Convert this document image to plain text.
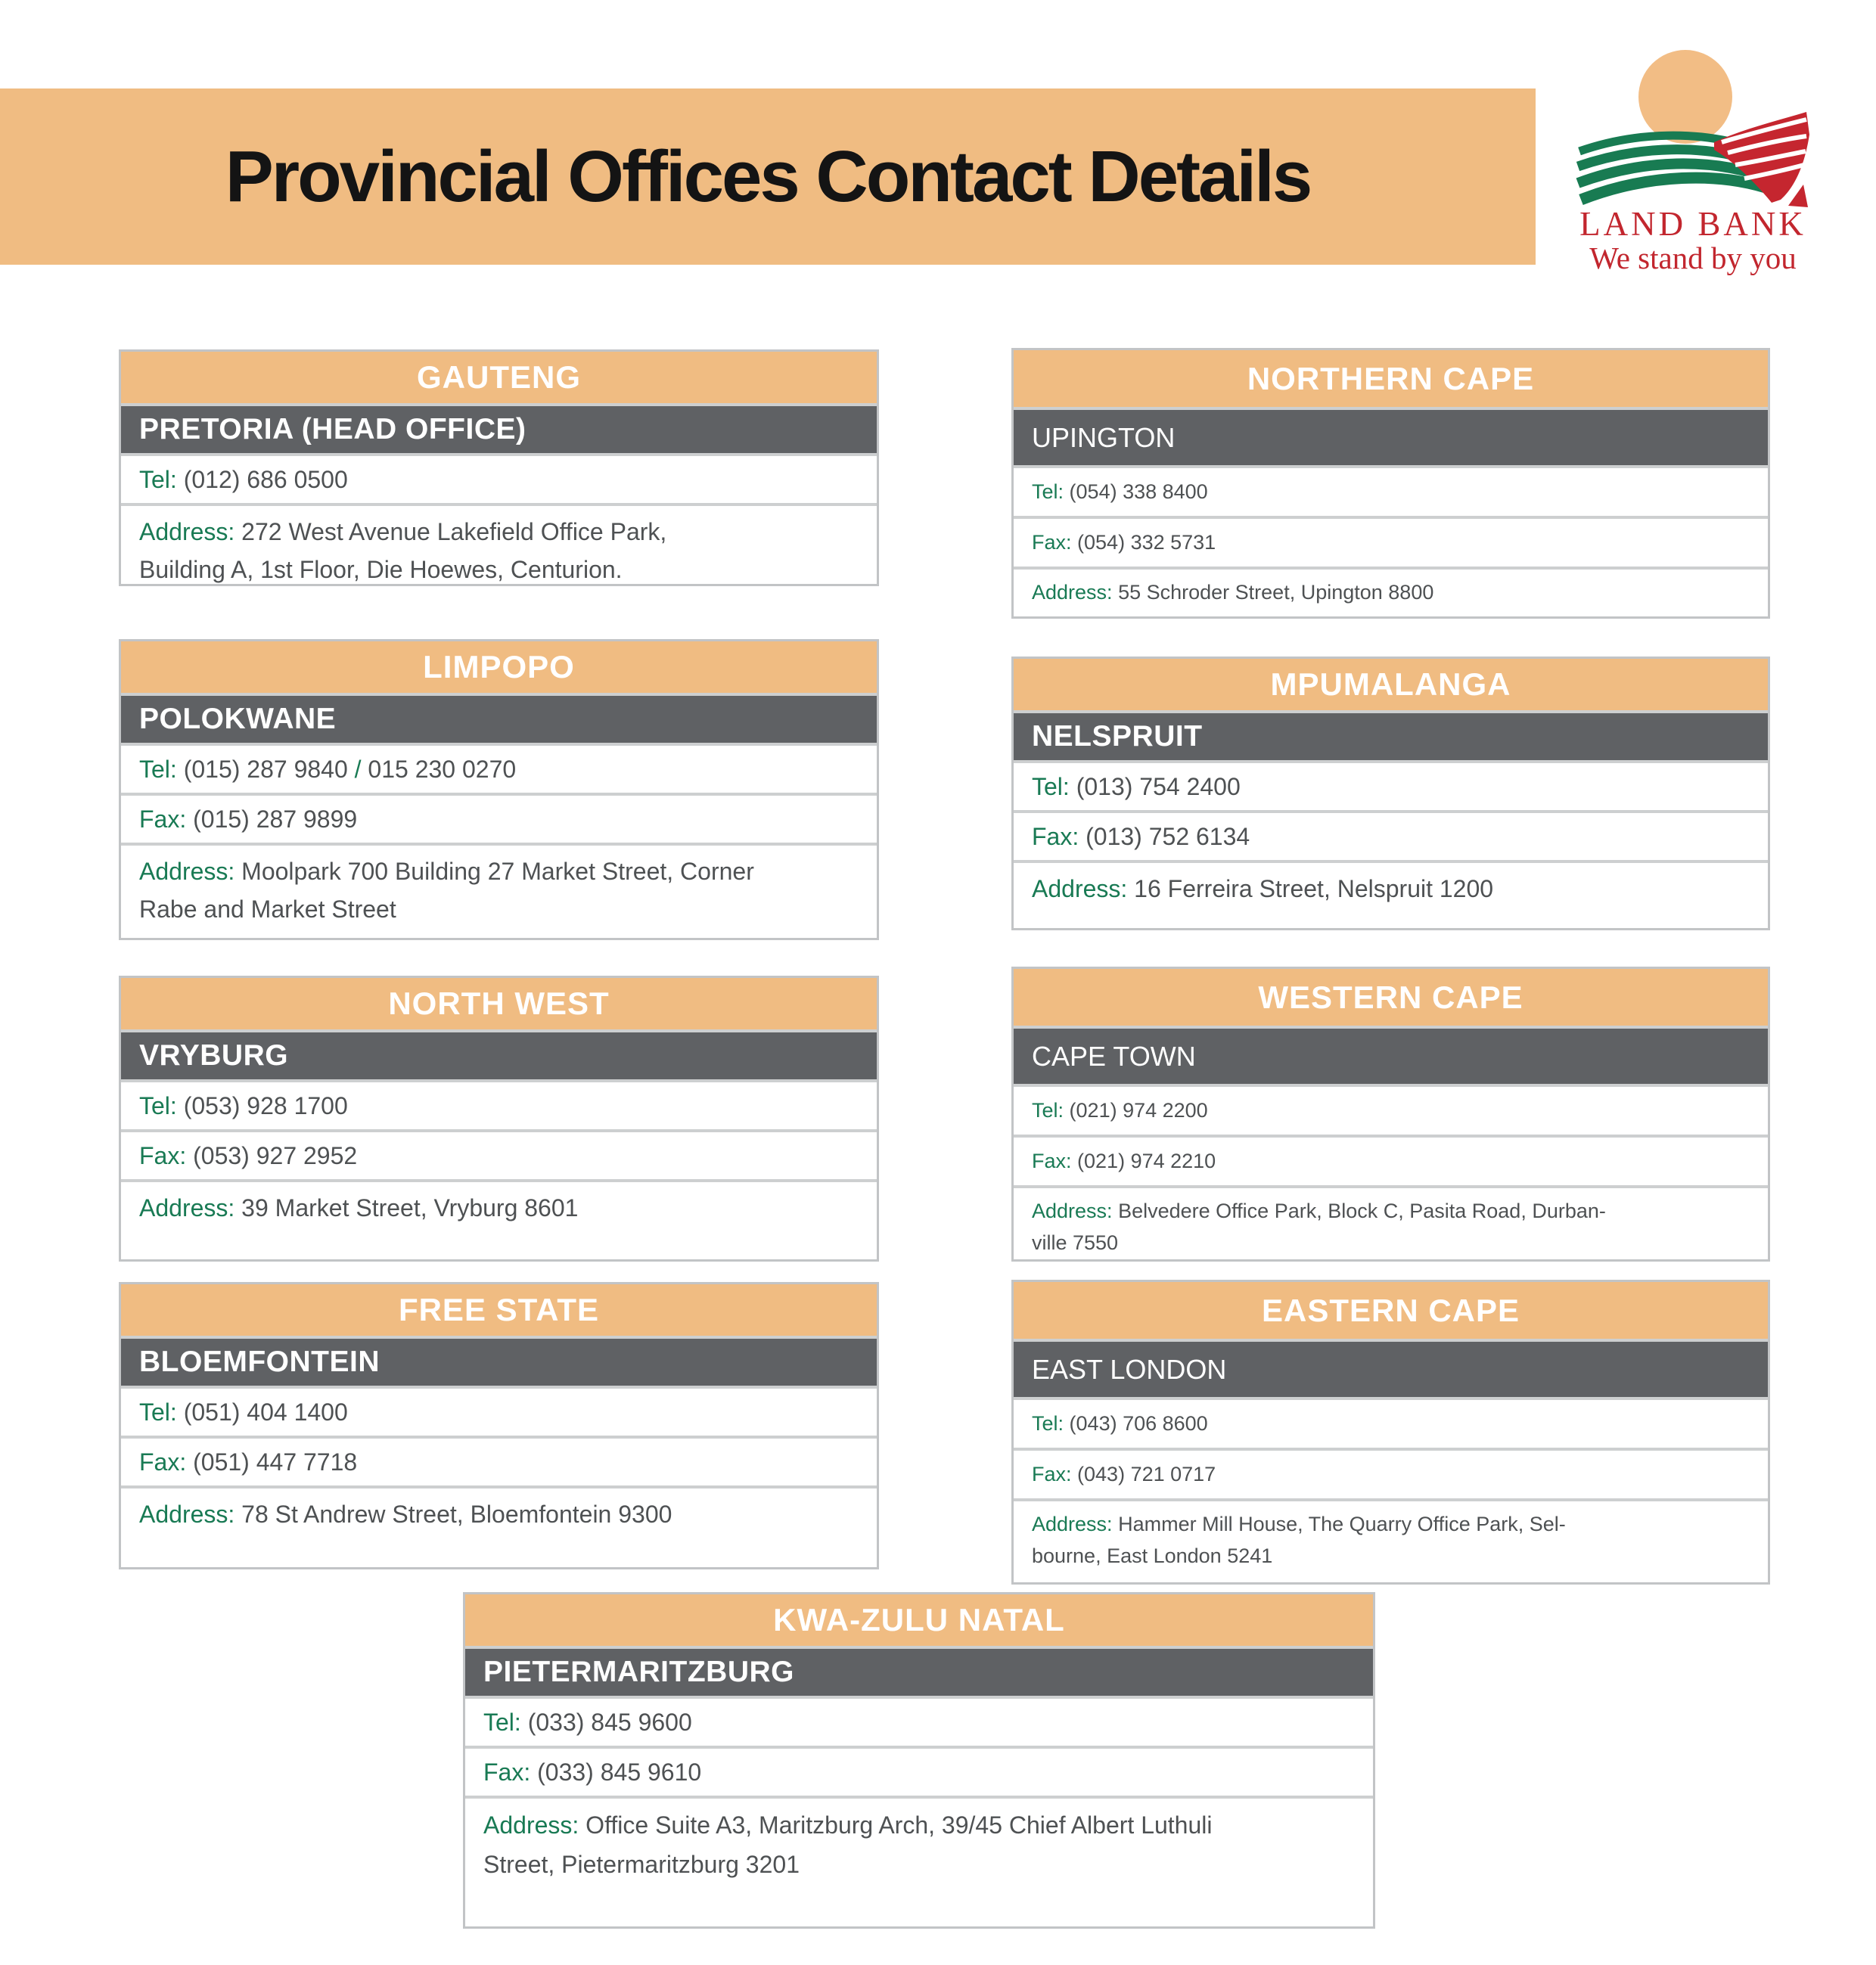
Provincial Offices Contact Details
LAND BANK
We stand by you
GAUTENG
PRETORIA (HEAD OFFICE)

Tel: (012) 686 0500

Address: 272 West Avenue Lakefield Office Park, Building A, 1st Floor, Die Hoewes, Centurion.

LIMPOPO
POLOKWANE

Tel: (015) 287 9840 / 015 230 0270

Fax: (015) 287 9899

Address: Moolpark 700 Building 27 Market Street, Corner Rabe and Market Street

NORTH WEST
VRYBURG

Tel: (053) 928 1700

Fax: (053) 927 2952

Address: 39 Market Street, Vryburg 8601

FREE STATE
BLOEMFONTEIN

Tel: (051) 404 1400

Fax: (051) 447 7718

Address: 78 St Andrew Street, Bloemfontein 9300

NORTHERN CAPE
UPINGTON

Tel: (054) 338 8400

Fax: (054) 332 5731

Address: 55 Schroder Street, Upington 8800

MPUMALANGA
NELSPRUIT

Tel: (013) 754 2400

Fax: (013) 752 6134

Address: 16 Ferreira Street, Nelspruit 1200

WESTERN CAPE
CAPE TOWN

Tel: (021) 974 2200

Fax: (021) 974 2210

Address: Belvedere Office Park, Block C, Pasita Road, Durban-ville 7550

EASTERN CAPE
EAST LONDON

Tel: (043) 706 8600

Fax: (043) 721 0717

Address: Hammer Mill House, The Quarry Office Park, Sel-bourne, East London 5241

KWA-ZULU NATAL
PIETERMARITZBURG

Tel: (033) 845 9600

Fax: (033) 845 9610

Address: Office Suite A3, Maritzburg Arch, 39/45 Chief Albert Luthuli Street, Pietermaritzburg 3201
